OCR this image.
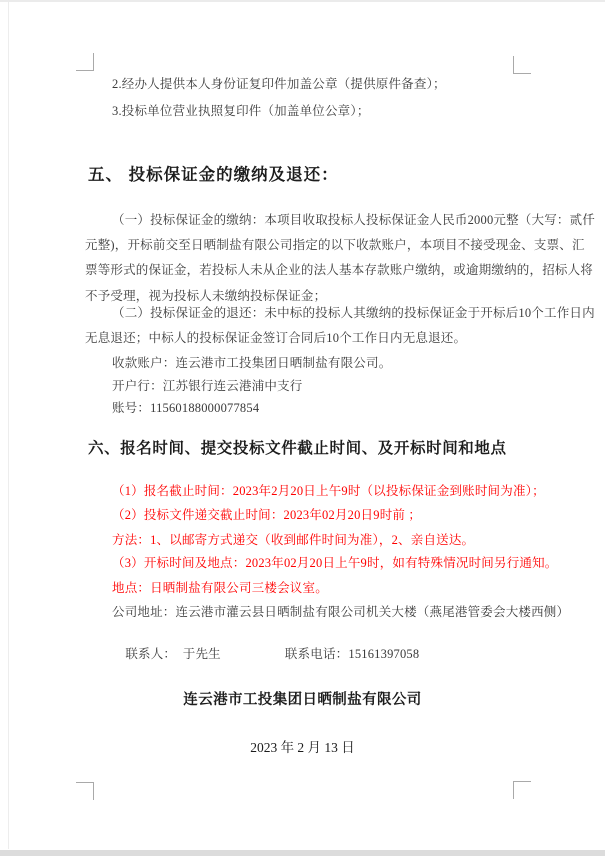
2.经办人提供本人身份证复印件加盖公章（提供原件备查）；
3.投标单位营业执照复印件（加盖单位公章）；
五、 投标保证金的缴纳及退还：
（一）投标保证金的缴纳：本项目收取投标人投标保证金人民币2000元整（大写：贰仟
元整)，开标前交至日晒制盐有限公司指定的以下收款账户，本项目不接受现金、支票、汇
票等形式的保证金，若投标人未从企业的法人基本存款账户缴纳，或逾期缴纳的，招标人将
不予受理，视为投标人未缴纳投标保证金；
（二）投标保证金的退还：未中标的投标人其缴纳的投标保证金于开标后10个工作日内
无息退还；中标人的投标保证金签订合同后10个工作日内无息退还。
收款账户：连云港市工投集团日晒制盐有限公司。
开户行：江苏银行连云港浦中支行
账号：11560188000077854
六、报名时间、提交投标文件截止时间、及开标时间和地点
（1）报名截止时间：2023年2月20日上午9时（以投标保证金到账时间为准）；
（2）投标文件递交截止时间：2023年02月20日9时前 ；
方法：1、以邮寄方式递交（收到邮件时间为准），2、亲自送达。
（3）开标时间及地点：2023年02月20日上午9时，如有特殊情况时间另行通知。
地点：日晒制盐有限公司三楼会议室。
公司地址：连云港市灌云县日晒制盐有限公司机关大楼（燕尾港管委会大楼西侧）

联系人：  于先生	联系电话：15161397058

连云港市工投集团日晒制盐有限公司
2023 年 2 月 13 日
